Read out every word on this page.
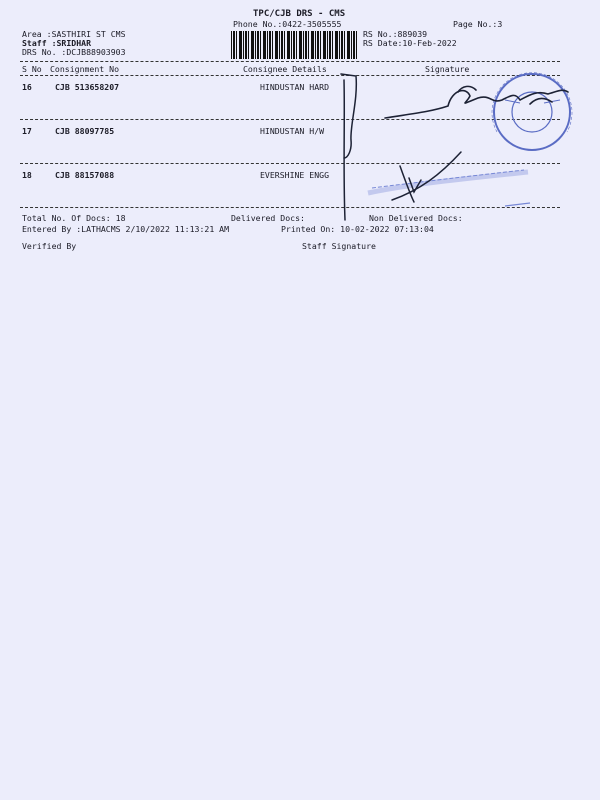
TPC/CJB DRS - CMS
Phone No.:0422-3505555	Page No.:3
Area :SASTHIRI ST CMS
Staff :SRIDHAR
DRS No. :DCJB88903903
RS No.:889039
RS Date:10-Feb-2022
S No Consignment No	Consignee Details	Signature
16	CJB 513658207	HINDUSTAN HARD
17	CJB 88097785	HINDUSTAN H/W
18	CJB 88157088	EVERSHINE ENGG
Total No. Of Docs: 18	Delivered Docs:	Non Delivered Docs:
Entered By :LATHACMS 2/10/2022 11:13:21 AM	Printed On: 10-02-2022 07:13:04
Verified By	Staff Signature
